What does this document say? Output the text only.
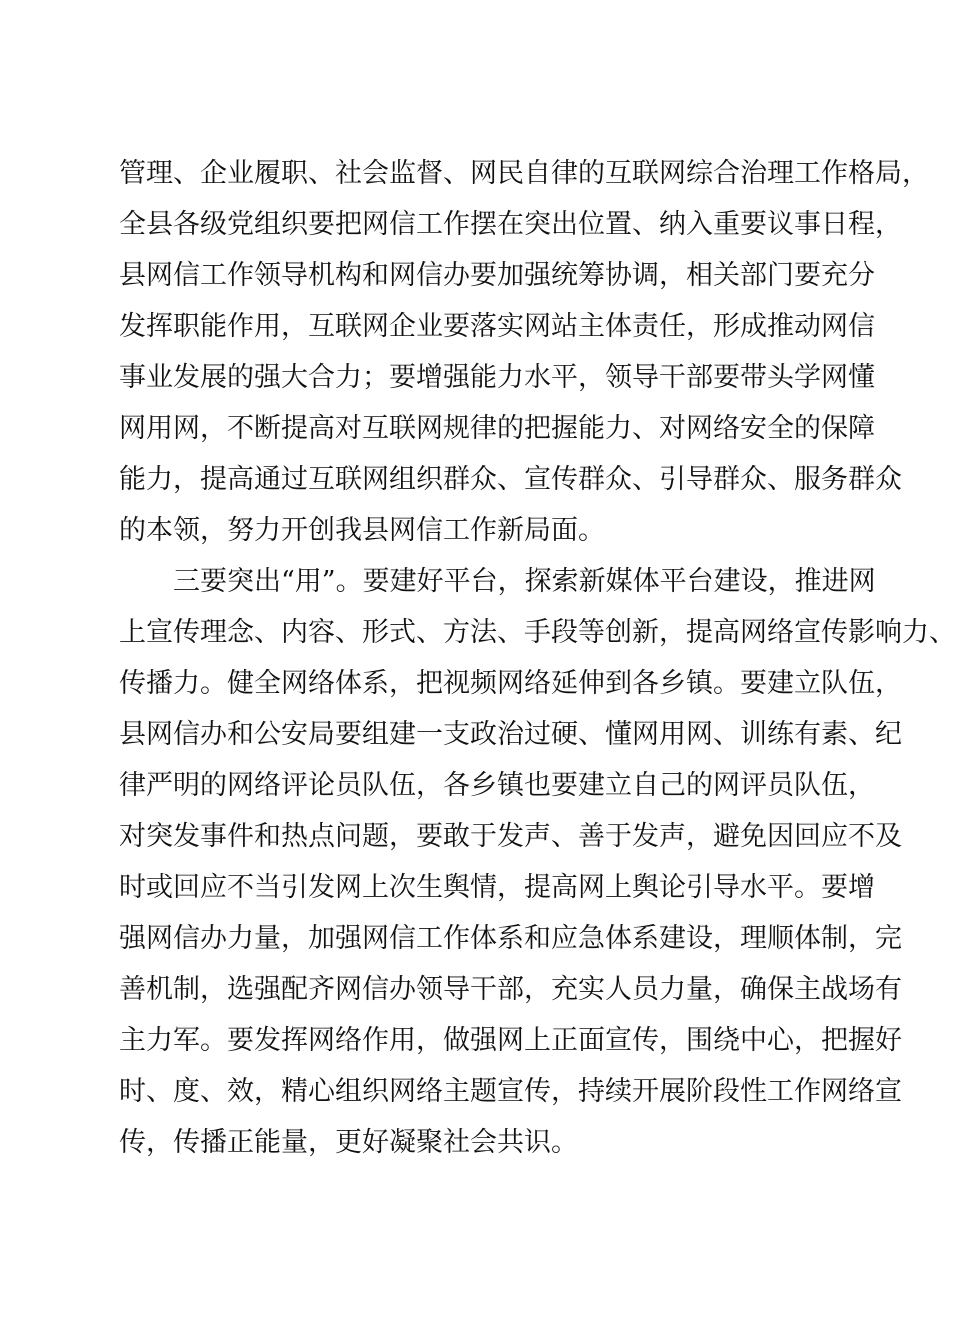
管理、企业履职、社会监督、网民自律的互联网综合治理工作格局，
全县各级党组织要把网信工作摆在突出位置、纳入重要议事日程，
县网信工作领导机构和网信办要加强统筹协调，相关部门要充分
发挥职能作用，互联网企业要落实网站主体责任，形成推动网信
事业发展的强大合力；要增强能力水平，领导干部要带头学网懂
网用网，不断提高对互联网规律的把握能力、对网络安全的保障
能力，提高通过互联网组织群众、宣传群众、引导群众、服务群众
的本领，努力开创我县网信工作新局面。
三要突出“用”。要建好平台，探索新媒体平台建设，推进网
上宣传理念、内容、形式、方法、手段等创新，提高网络宣传影响力、
传播力。健全网络体系，把视频网络延伸到各乡镇。要建立队伍，
县网信办和公安局要组建一支政治过硬、懂网用网、训练有素、纪
律严明的网络评论员队伍，各乡镇也要建立自己的网评员队伍，
对突发事件和热点问题，要敢于发声、善于发声，避免因回应不及
时或回应不当引发网上次生舆情，提高网上舆论引导水平。要增
强网信办力量，加强网信工作体系和应急体系建设，理顺体制，完
善机制，选强配齐网信办领导干部，充实人员力量，确保主战场有
主力军。要发挥网络作用，做强网上正面宣传，围绕中心，把握好
时、度、效，精心组织网络主题宣传，持续开展阶段性工作网络宣
传，传播正能量，更好凝聚社会共识。
